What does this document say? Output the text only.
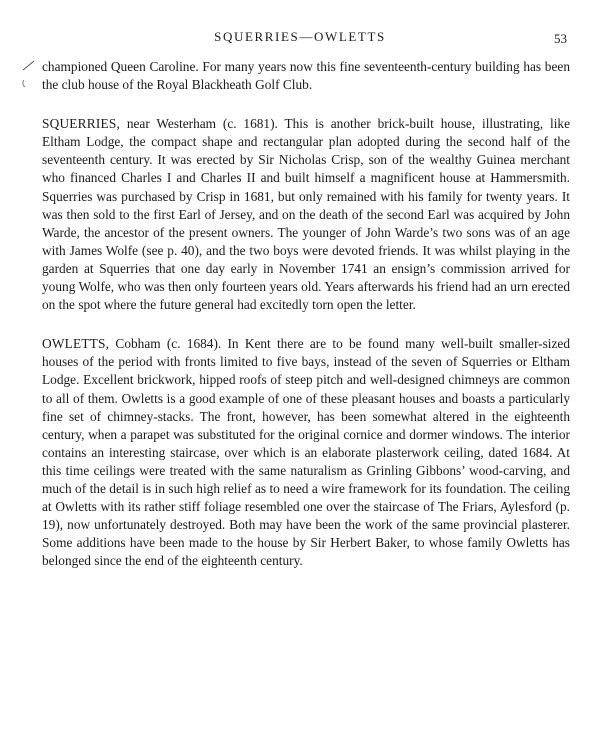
SQUERRIES—OWLETTS	53

championed Queen Caroline. For many years now this fine seventeenth-century building has been the club house of the Royal Blackheath Golf Club.

SQUERRIES, near Westerham (c. 1681). This is another brick-built house, illustrating, like Eltham Lodge, the compact shape and rectangular plan adopted during the second half of the seventeenth century. It was erected by Sir Nicholas Crisp, son of the wealthy Guinea merchant who financed Charles I and Charles II and built himself a magnificent house at Hammersmith. Squerries was purchased by Crisp in 1681, but only remained with his family for twenty years. It was then sold to the first Earl of Jersey, and on the death of the second Earl was acquired by John Warde, the ancestor of the present owners. The younger of John Warde’s two sons was of an age with James Wolfe (see p. 40), and the two boys were devoted friends. It was whilst playing in the garden at Squerries that one day early in November 1741 an ensign’s commission arrived for young Wolfe, who was then only fourteen years old. Years afterwards his friend had an urn erected on the spot where the future general had excitedly torn open the letter.

OWLETTS, Cobham (c. 1684). In Kent there are to be found many well-built smaller-sized houses of the period with fronts limited to five bays, instead of the seven of Squerries or Eltham Lodge. Excellent brickwork, hipped roofs of steep pitch and well-designed chimneys are common to all of them. Owletts is a good example of one of these pleasant houses and boasts a particularly fine set of chimney-stacks. The front, however, has been somewhat altered in the eighteenth century, when a parapet was substituted for the original cornice and dormer windows. The interior contains an interesting staircase, over which is an elaborate plasterwork ceiling, dated 1684. At this time ceilings were treated with the same naturalism as Grinling Gibbons’ wood-carving, and much of the detail is in such high relief as to need a wire framework for its foundation. The ceiling at Owletts with its rather stiff foliage resembled one over the staircase of The Friars, Aylesford (p. 19), now unfortunately destroyed. Both may have been the work of the same provincial plasterer. Some additions have been made to the house by Sir Herbert Baker, to whose family Owletts has belonged since the end of the eighteenth century.
